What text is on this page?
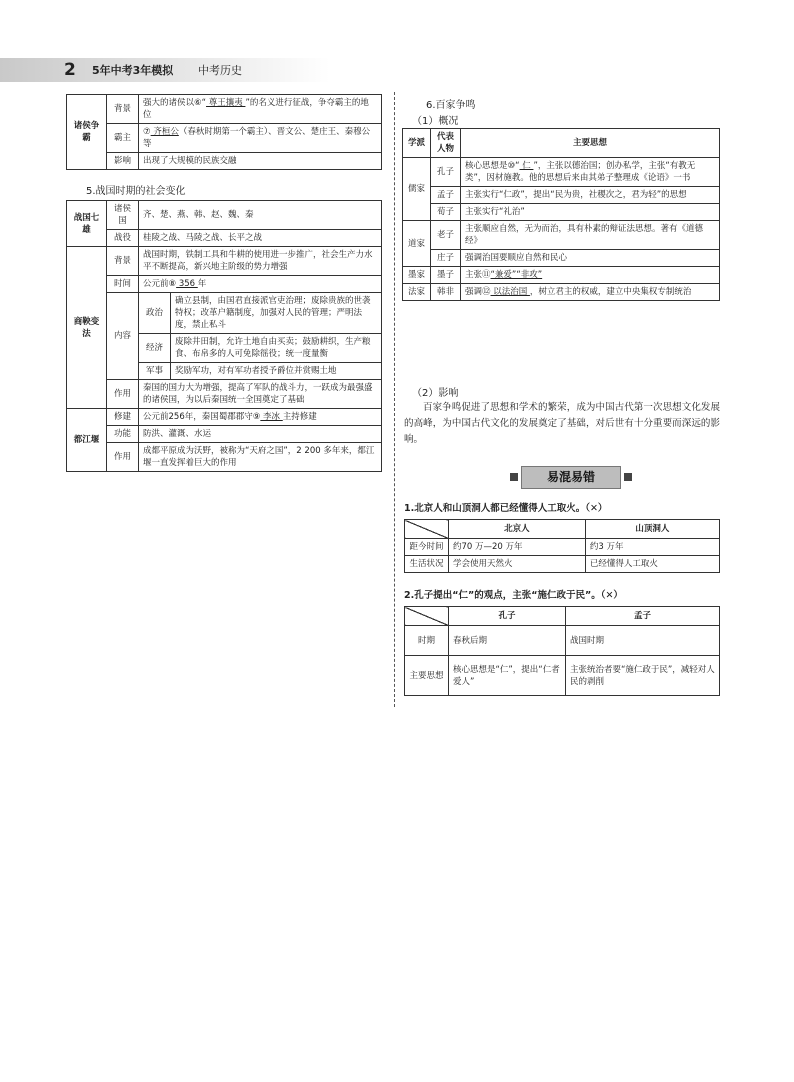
2 5年中考3年模拟 中考历史
诸侯争霸	背景	强大的诸侯以⑥“ 尊王攘夷 ”的名义进行征战，争夺霸主的地位
	霸主	⑦ 齐桓公（春秋时期第一个霸主）、晋文公、楚庄王、秦穆公等
	影响	出现了大规模的民族交融
5.战国时期的社会变化
战国七雄	诸侯国	齐、楚、燕、韩、赵、魏、秦	
	战役	桂陵之战、马陵之战、长平之战	
商鞅变法	背景	战国时期，铁制工具和牛耕的使用进一步推广，社会生产力水平不断提高，新兴地主阶级的势力增强	
	时间	公元前⑧ 356 年	
	内容	政治	确立县制，由国君直接派官吏治理；废除贵族的世袭特权；改革户籍制度，加强对人民的管理；严明法度，禁止私斗
		经济	废除井田制，允许土地自由买卖；鼓励耕织，生产粮食、布帛多的人可免除徭役；统一度量衡
		军事	奖励军功，对有军功者授予爵位并赏赐土地
	作用	秦国的国力大为增强，提高了军队的战斗力，一跃成为最强盛的诸侯国，为以后秦国统一全国奠定了基础	

都江堰	修建	公元前256年，秦国蜀郡郡守⑨ 李冰 主持修建	
	功能	防洪、灌溉、水运	
	作用	成都平原成为沃野，被称为“天府之国”，2 200 多年来，都江堰一直发挥着巨大的作用	
6.百家争鸣
（1）概况
学派	代表人物	主要思想
儒家	孔子	核心思想是⑩“ 仁 ”，主张以德治国；创办私学，主张“有教无类”，因材施教。他的思想后来由其弟子整理成《论语》一书
	孟子	主张实行“仁政”，提出“民为贵，社稷次之，君为轻”的思想
	荀子	主张实行“礼治”
道家	老子	主张顺应自然，无为而治，具有朴素的辩证法思想。著有《道德经》
	庄子	强调治国要顺应自然和民心
墨家	墨子	主张⑪“兼爱”“非攻”
法家	韩非	强调⑫ 以法治国 ，树立君主的权威，建立中央集权专制统治
（2）影响
百家争鸣促进了思想和学术的繁荣，成为中国古代第一次思想文化发展的高峰，为中国古代文化的发展奠定了基础，对后世有十分重要而深远的影响。
易混易错
1.北京人和山顶洞人都已经懂得人工取火。（✕）
	北京人	山顶洞人
距今时间	约70 万—20 万年	约3 万年
生活状况	学会使用天然火	已经懂得人工取火
2.孔子提出“仁”的观点，主张“施仁政于民”。（✕）
	孔子	孟子
时期	春秋后期	战国时期
主要思想	核心思想是“仁”，提出“仁者爱人”	主张统治者要“施仁政于民”，减轻对人民的剥削
